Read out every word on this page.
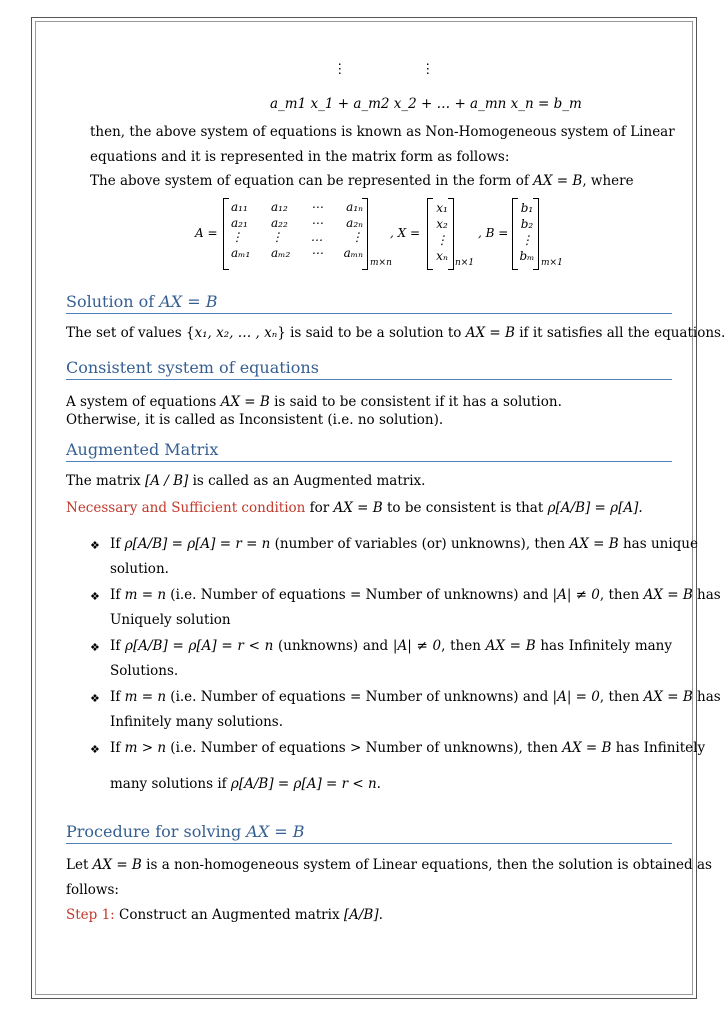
⋮	⋮
a_m1 x_1 + a_m2 x_2 + … + a_mn x_n = b_m
then, the above system of equations is known as Non-Homogeneous system of Linear
equations and it is represented in the matrix form as follows:
The above system of equation can be represented in the form of AX = B, where
A =
a₁₁ a₁₂ ⋯ a₁ₙ
a₂₁ a₂₂ ⋯ a₂ₙ
⋮ ⋮ … ⋮
aₘ₁ aₘ₂ ⋯ aₘₙ
m×n
, X =
x₁
x₂
⋮
xₙ n×1
, B =
b₁
b₂
⋮
bₘ m×1
Solution of AX = B
The set of values {x₁, x₂, … , xₙ} is said to be a solution to AX = B if it satisfies all the equations.
Consistent system of equations
A system of equations AX = B is said to be consistent if it has a solution.
Otherwise, it is called as Inconsistent (i.e. no solution).
Augmented Matrix
The matrix [A / B] is called as an Augmented matrix.
Necessary and Sufficient condition for AX = B to be consistent is that ρ[A/B] = ρ[A].
❖ If ρ[A/B] = ρ[A] = r = n (number of variables (or) unknowns), then AX = B has unique
solution.
❖ If m = n (i.e. Number of equations = Number of unknowns) and |A| ≠ 0, then AX = B has
Uniquely solution
❖ If ρ[A/B] = ρ[A] = r < n (unknowns) and |A| ≠ 0, then AX = B has Infinitely many
Solutions.
❖ If m = n (i.e. Number of equations = Number of unknowns) and |A| = 0, then AX = B has
Infinitely many solutions.
❖ If m > n (i.e. Number of equations > Number of unknowns), then AX = B has Infinitely
many solutions if ρ[A/B] = ρ[A] = r < n.
Procedure for solving AX = B
Let AX = B is a non-homogeneous system of Linear equations, then the solution is obtained as
follows:
Step 1: Construct an Augmented matrix [A/B].
